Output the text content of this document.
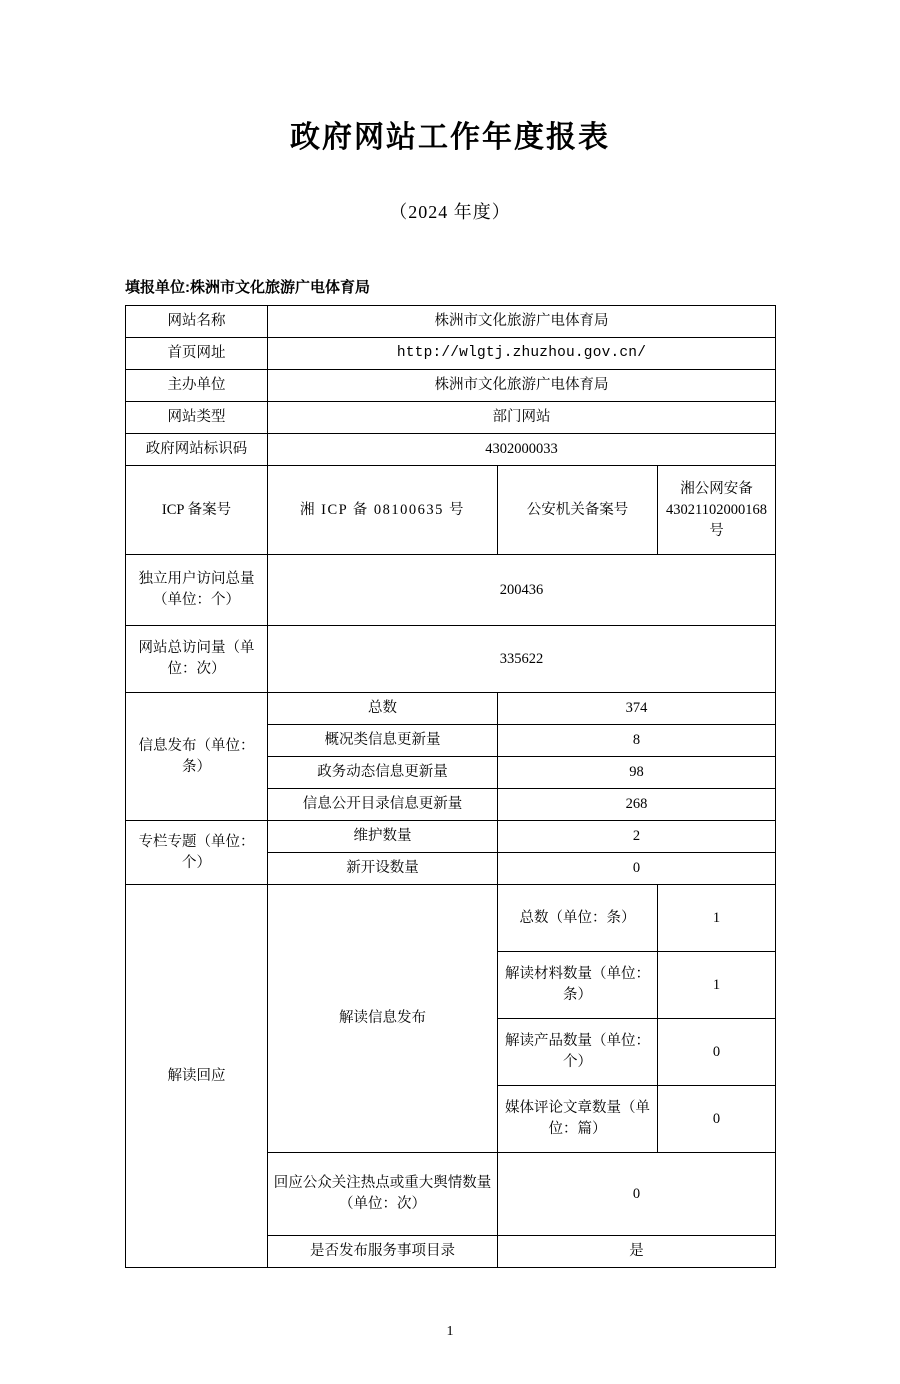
政府网站工作年度报表
（2024 年度）
填报单位:株洲市文化旅游广电体育局
网站名称	株洲市文化旅游广电体育局		
首页网址	http://wlgtj.zhuzhou.gov.cn/		
主办单位	株洲市文化旅游广电体育局		
网站类型	部门网站		
政府网站标识码	4302000033		
ICP 备案号	湘 ICP 备 08100635 号	公安机关备案号	湘公网安备 43021102000168 号
独立用户访问总量（单位：个）	200436		
网站总访问量（单位：次）	335622		
信息发布（单位：条）	总数	374	
	概况类信息更新量	8	
	政务动态信息更新量	98	
	信息公开目录信息更新量	268	
专栏专题（单位：个）	维护数量	2	
	新开设数量	0	
解读回应	解读信息发布	总数（单位：条）	1
		解读材料数量（单位：条）	1
		解读产品数量（单位：个）	0
		媒体评论文章数量（单位：篇）	0
	回应公众关注热点或重大舆情数量（单位：次）	0	
	是否发布服务事项目录	是	
1
